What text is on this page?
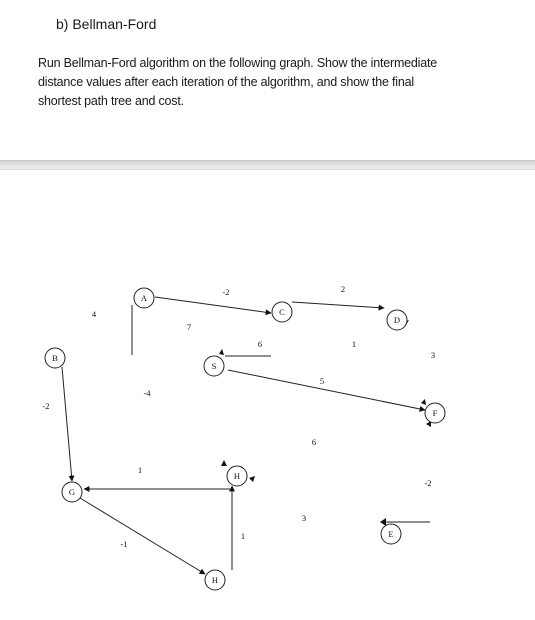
b) Bellman-Ford
Run Bellman-Ford algorithm on the following graph. Show the intermediate
distance values after each iteration of the algorithm, and show the final
shortest path tree and cost.
A
C
D
B
S
F
G
H
E
H
4
-2	2
7
6	1
3
-2
5
-4
6
1
-2
3
1
-1
